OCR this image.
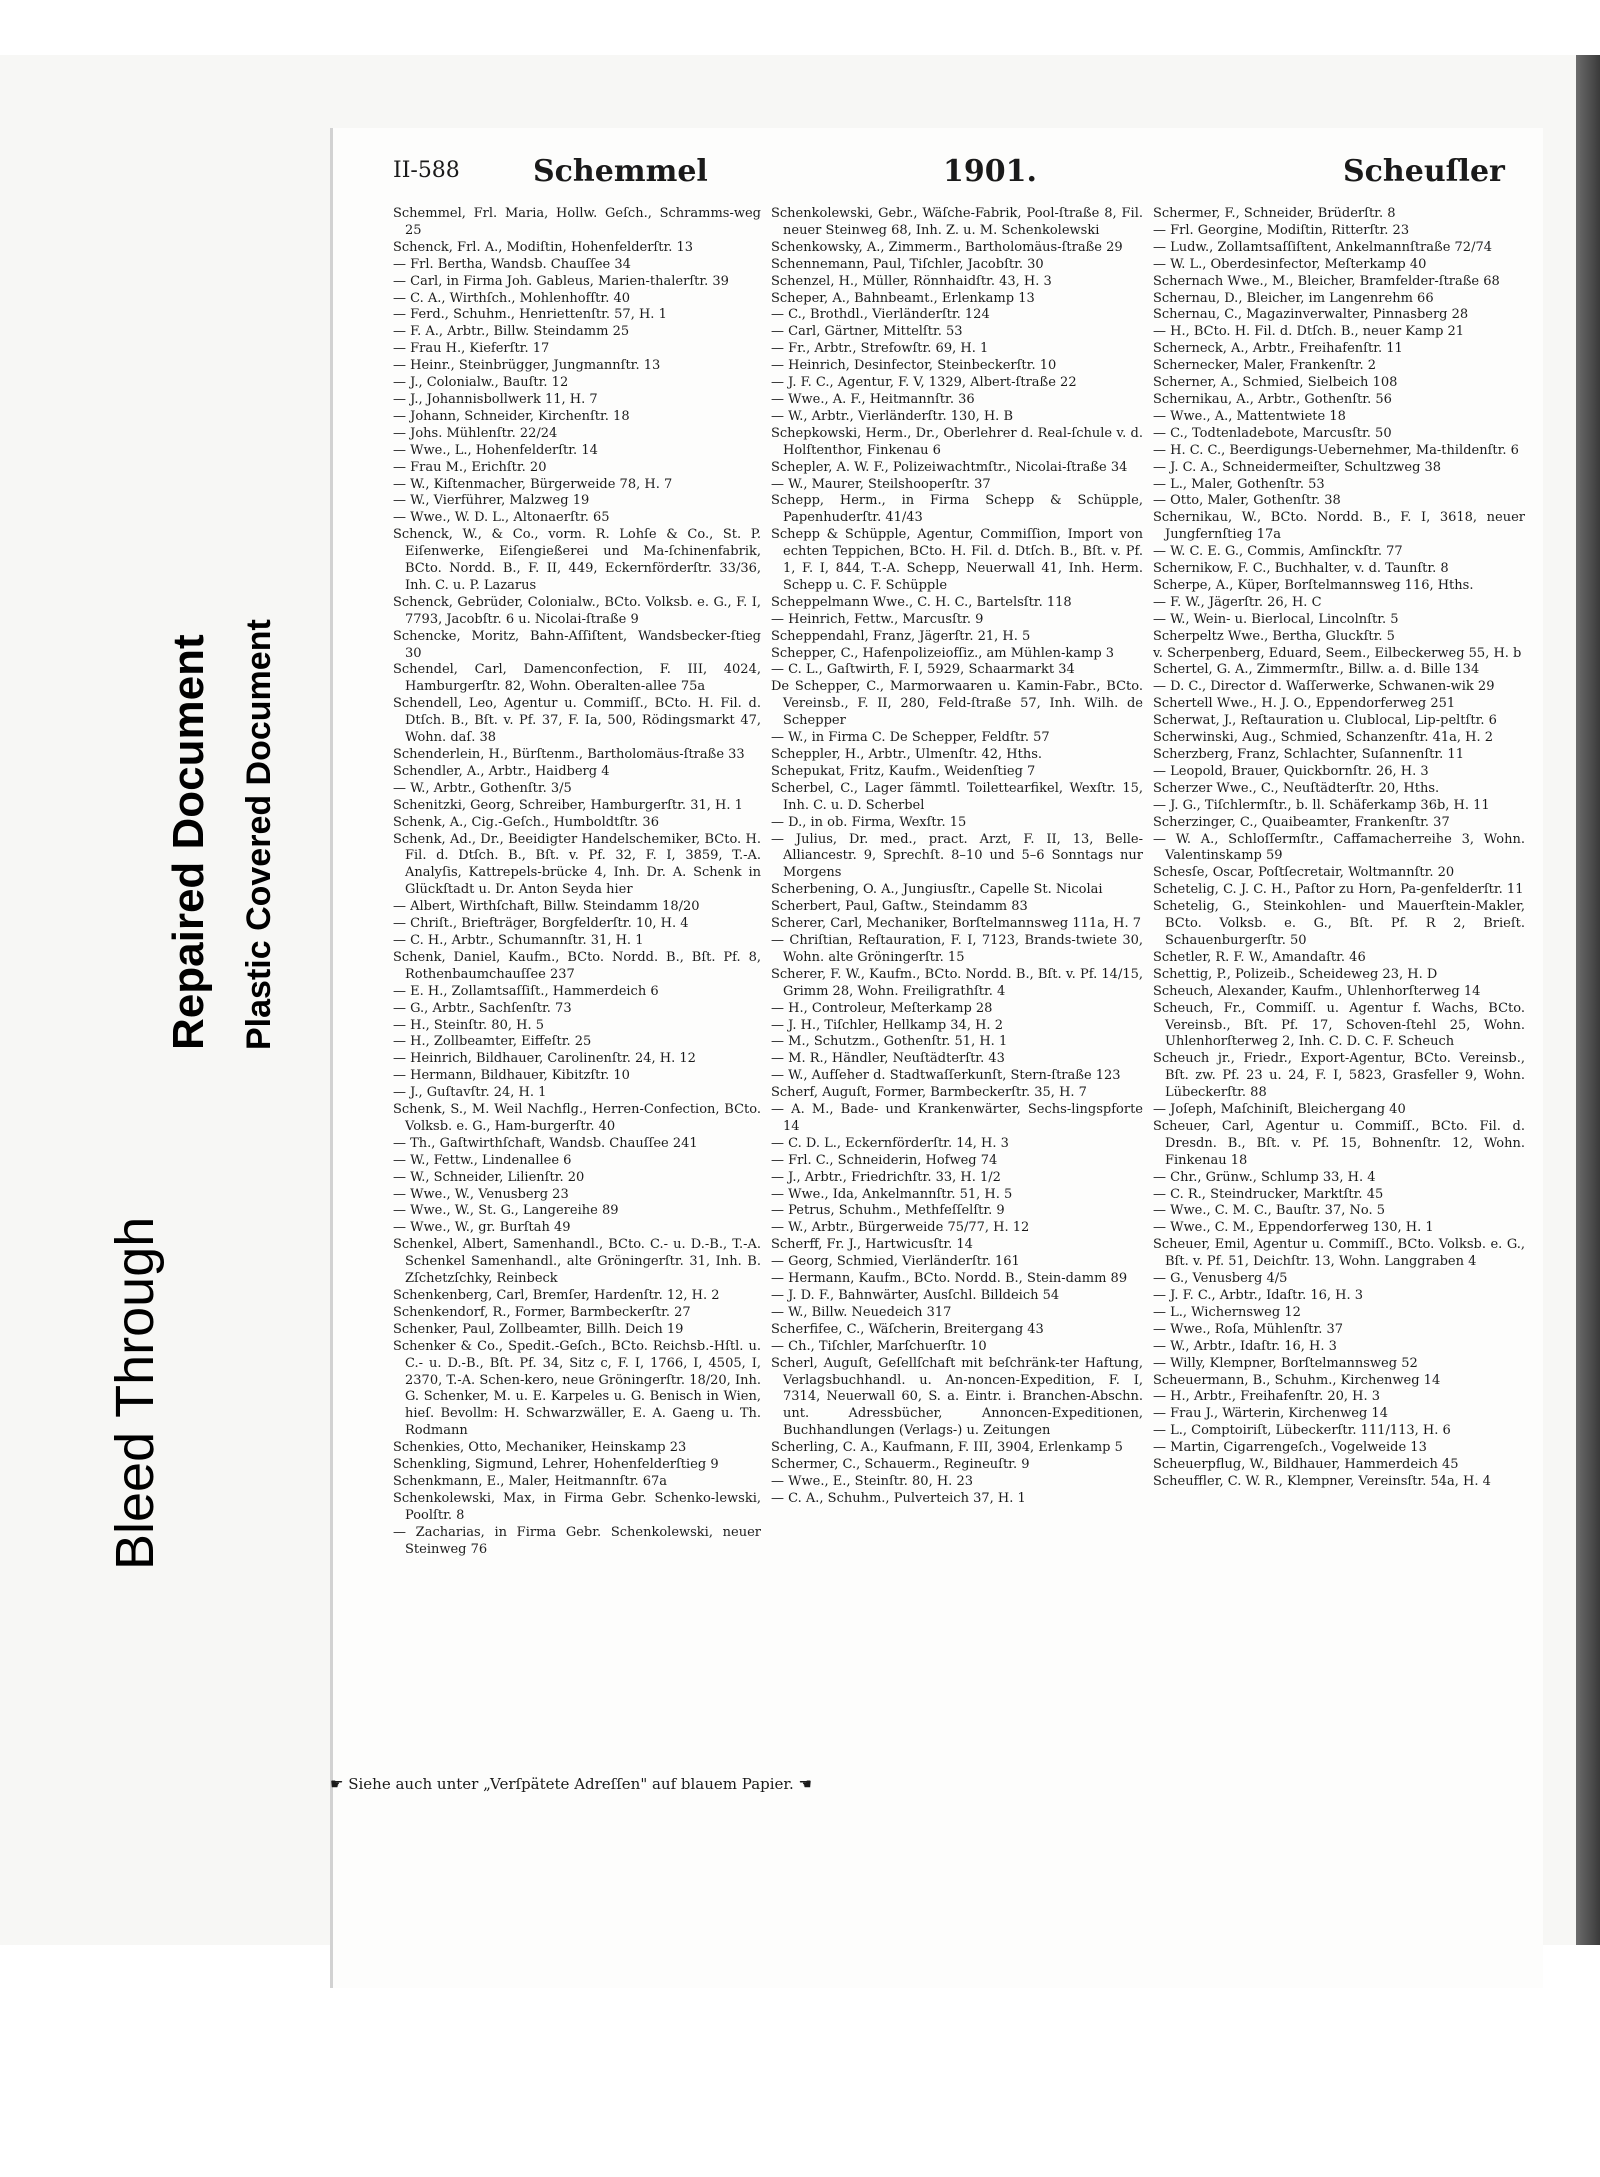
Bleed Through
Repaired Document Plastic Covered Document
II-588 Schemmel	1901.	Scheuſler

Schemmel, Frl. Maria, Hollw. Geſch., Schramms-weg 25

Schenck, Frl. A., Modiſtin, Hohenfelderſtr. 13

— Frl. Bertha, Wandsb. Chauſſee 34

— Carl, in Firma Joh. Gableus, Marien-thalerſtr. 39

— C. A., Wirthſch., Mohlenhofſtr. 40

— Ferd., Schuhm., Henriettenſtr. 57, H. 1

— F. A., Arbtr., Billw. Steindamm 25

— Frau H., Kieferſtr. 17

— Heinr., Steinbrügger, Jungmannſtr. 13

— J., Colonialw., Bauſtr. 12

— J., Johannisbollwerk 11, H. 7

— Johann, Schneider, Kirchenſtr. 18

— Johs. Mühlenſtr. 22/24

— Wwe., L., Hohenfelderſtr. 14

— Frau M., Erichſtr. 20

— W., Kiſtenmacher, Bürgerweide 78, H. 7

— W., Vierführer, Malzweg 19

— Wwe., W. D. L., Altonaerſtr. 65

Schenck, W., & Co., vorm. R. Lohſe & Co., St. P. Eiſenwerke, Eiſengießerei und Ma-ſchinenfabrik, BCto. Nordd. B., F. II, 449, Eckernförderſtr. 33/36, Inh. C. u. P. Lazarus

Schenck, Gebrüder, Colonialw., BCto. Volksb. e. G., F. I, 7793, Jacobſtr. 6 u. Nicolai-ſtraße 9

Schencke, Moritz, Bahn-Aſſiſtent, Wandsbecker-ſtieg 30

Schendel, Carl, Damenconfection, F. III, 4024, Hamburgerſtr. 82, Wohn. Oberalten-allee 75a

Schendell, Leo, Agentur u. Commiſſ., BCto. H. Fil. d. Dtſch. B., Bſt. v. Pf. 37, F. Ia, 500, Rödingsmarkt 47, Wohn. daſ. 38

Schenderlein, H., Bürſtenm., Bartholomäus-ſtraße 33

Schendler, A., Arbtr., Haidberg 4

— W., Arbtr., Gothenſtr. 3/5

Schenitzki, Georg, Schreiber, Hamburgerſtr. 31, H. 1

Schenk, A., Cig.-Geſch., Humboldtſtr. 36

Schenk, Ad., Dr., Beeidigter Handelschemiker, BCto. H. Fil. d. Dtſch. B., Bſt. v. Pf. 32, F. I, 3859, T.-A. Analyſis, Kattrepels-brücke 4, Inh. Dr. A. Schenk in Glückſtadt u. Dr. Anton Seyda hier

— Albert, Wirthſchaft, Billw. Steindamm 18/20

— Chriſt., Briefträger, Borgfelderſtr. 10, H. 4

— C. H., Arbtr., Schumannſtr. 31, H. 1

Schenk, Daniel, Kaufm., BCto. Nordd. B., Bſt. Pf. 8, Rothenbaumchauſſee 237

— E. H., Zollamtsaſſiſt., Hammerdeich 6

— G., Arbtr., Sachſenſtr. 73

— H., Steinſtr. 80, H. 5

— H., Zollbeamter, Eiffeſtr. 25

— Heinrich, Bildhauer, Carolinenſtr. 24, H. 12

— Hermann, Bildhauer, Kibitzſtr. 10

— J., Guſtavſtr. 24, H. 1

Schenk, S., M. Weil Nachflg., Herren-Confection, BCto. Volksb. e. G., Ham-burgerſtr. 40

— Th., Gaſtwirthſchaft, Wandsb. Chauſſee 241

— W., Fettw., Lindenallee 6

— W., Schneider, Lilienſtr. 20

— Wwe., W., Venusberg 23

— Wwe., W., St. G., Langereihe 89

— Wwe., W., gr. Burſtah 49

Schenkel, Albert, Samenhandl., BCto. C.- u. D.-B., T.-A. Schenkel Samenhandl., alte Gröningerſtr. 31, Inh. B. Zſchetzſchky, Reinbeck

Schenkenberg, Carl, Bremſer, Hardenſtr. 12, H. 2

Schenkendorf, R., Former, Barmbeckerſtr. 27

Schenker, Paul, Zollbeamter, Billh. Deich 19

Schenker & Co., Spedit.-Geſch., BCto. Reichsb.-Hſtl. u. C.- u. D.-B., Bſt. Pf. 34, Sitz c, F. I, 1766, I, 4505, I, 2370, T.-A. Schen-kero, neue Gröningerſtr. 18/20, Inh. G. Schenker, M. u. E. Karpeles u. G. Benisch in Wien, hieſ. Bevollm: H. Schwarzwäller, E. A. Gaeng u. Th. Rodmann

Schenkies, Otto, Mechaniker, Heinskamp 23

Schenkling, Sigmund, Lehrer, Hohenfelderſtieg 9

Schenkmann, E., Maler, Heitmannſtr. 67a

Schenkolewski, Max, in Firma Gebr. Schenko-lewski, Poolſtr. 8

— Zacharias, in Firma Gebr. Schenkolewski, neuer Steinweg 76

Schenkolewski, Gebr., Wäſche-Fabrik, Pool-ſtraße 8, Fil. neuer Steinweg 68, Inh. Z. u. M. Schenkolewski

Schenkowsky, A., Zimmerm., Bartholomäus-ſtraße 29

Schennemann, Paul, Tiſchler, Jacobſtr. 30

Schenzel, H., Müller, Rönnhaidſtr. 43, H. 3

Scheper, A., Bahnbeamt., Erlenkamp 13

— C., Brothdl., Vierländerſtr. 124

— Carl, Gärtner, Mittelſtr. 53

— Fr., Arbtr., Strefowſtr. 69, H. 1

— Heinrich, Desinfector, Steinbeckerſtr. 10

— J. F. C., Agentur, F. V, 1329, Albert-ſtraße 22

— Wwe., A. F., Heitmannſtr. 36

— W., Arbtr., Vierländerſtr. 130, H. B

Schepkowski, Herm., Dr., Oberlehrer d. Real-ſchule v. d. Holſtenthor, Finkenau 6

Schepler, A. W. F., Polizeiwachtmſtr., Nicolai-ſtraße 34

— W., Maurer, Steilshooperſtr. 37

Schepp, Herm., in Firma Schepp & Schüpple, Papenhuderſtr. 41/43

Schepp & Schüpple, Agentur, Commiſſion, Import von echten Teppichen, BCto. H. Fil. d. Dtſch. B., Bſt. v. Pf. 1, F. I, 844, T.-A. Schepp, Neuerwall 41, Inh. Herm. Schepp u. C. F. Schüpple

Scheppelmann Wwe., C. H. C., Bartelsſtr. 118

— Heinrich, Fettw., Marcusſtr. 9

Scheppendahl, Franz, Jägerſtr. 21, H. 5

Schepper, C., Hafenpolizeiofſiz., am Mühlen-kamp 3

— C. L., Gaſtwirth, F. I, 5929, Schaarmarkt 34

De Schepper, C., Marmorwaaren u. Kamin-Fabr., BCto. Vereinsb., F. II, 280, Feld-ſtraße 57, Inh. Wilh. de Schepper

— W., in Firma C. De Schepper, Feldſtr. 57

Scheppler, H., Arbtr., Ulmenſtr. 42, Hths.

Schepukat, Fritz, Kaufm., Weidenſtieg 7

Scherbel, C., Lager ſämmtl. Toilettearfikel, Wexſtr. 15, Inh. C. u. D. Scherbel

— D., in ob. Firma, Wexſtr. 15

— Julius, Dr. med., pract. Arzt, F. II, 13, Belle-Alliancestr. 9, Sprechſt. 8–10 und 5–6 Sonntags nur Morgens

Scherbening, O. A., Jungiusſtr., Capelle St. Nicolai

Scherbert, Paul, Gaſtw., Steindamm 83

Scherer, Carl, Mechaniker, Borſtelmannsweg 111a, H. 7

— Chriſtian, Reſtauration, F. I, 7123, Brands-twiete 30, Wohn. alte Gröningerſtr. 15

Scherer, F. W., Kaufm., BCto. Nordd. B., Bſt. v. Pf. 14/15, Grimm 28, Wohn. Freiligrathſtr. 4

— H., Controleur, Meſterkamp 28

— J. H., Tiſchler, Hellkamp 34, H. 2

— M., Schutzm., Gothenſtr. 51, H. 1

— M. R., Händler, Neuſtädterſtr. 43

— W., Aufſeher d. Stadtwaſſerkunſt, Stern-ſtraße 123

Scherf, Auguſt, Former, Barmbeckerſtr. 35, H. 7

— A. M., Bade- und Krankenwärter, Sechs-lingspforte 14

— C. D. L., Eckernförderſtr. 14, H. 3

— Frl. C., Schneiderin, Hofweg 74

— J., Arbtr., Friedrichſtr. 33, H. 1/2

— Wwe., Ida, Ankelmannſtr. 51, H. 5

— Petrus, Schuhm., Methfeſſelſtr. 9

— W., Arbtr., Bürgerweide 75/77, H. 12

Scherff, Fr. J., Hartwicusſtr. 14

— Georg, Schmied, Vierländerſtr. 161

— Hermann, Kaufm., BCto. Nordd. B., Stein-damm 89

— J. D. F., Bahnwärter, Ausſchl. Billdeich 54

— W., Billw. Neuedeich 317

Scherfifee, C., Wäſcherin, Breitergang 43

— Ch., Tiſchler, Marſchuerſtr. 10

Scherl, Auguſt, Geſellſchaft mit beſchränk-ter Haftung, Verlagsbuchhandl. u. An-noncen-Expedition, F. I, 7314, Neuerwall 60, S. a. Eintr. i. Branchen-Abschn. unt. Adressbücher, Annoncen-Expeditionen, Buchhandlungen (Verlags-) u. Zeitungen

Scherling, C. A., Kaufmann, F. III, 3904, Erlenkamp 5

Schermer, C., Schauerm., Regineuſtr. 9

— Wwe., E., Steinſtr. 80, H. 23

— C. A., Schuhm., Pulverteich 37, H. 1

Schermer, F., Schneider, Brüderſtr. 8

— Frl. Georgine, Modiſtin, Ritterſtr. 23

— Ludw., Zollamtsaſſiſtent, Ankelmannſtraße 72/74

— W. L., Oberdesinfector, Meſterkamp 40

Schernach Wwe., M., Bleicher, Bramfelder-ſtraße 68

Schernau, D., Bleicher, im Langenrehm 66

Schernau, C., Magazinverwalter, Pinnasberg 28

— H., BCto. H. Fil. d. Dtſch. B., neuer Kamp 21

Scherneck, A., Arbtr., Freihafenſtr. 11

Schernecker, Maler, Frankenſtr. 2

Scherner, A., Schmied, Sielbeich 108

Schernikau, A., Arbtr., Gothenſtr. 56

— Wwe., A., Mattentwiete 18

— C., Todtenladebote, Marcusſtr. 50

— H. C. C., Beerdigungs-Uebernehmer, Ma-thildenſtr. 6

— J. C. A., Schneidermeiſter, Schultzweg 38

— L., Maler, Gothenſtr. 53

— Otto, Maler, Gothenſtr. 38

Schernikau, W., BCto. Nordd. B., F. I, 3618, neuer Jungfernſtieg 17a

— W. C. E. G., Commis, Amſinckſtr. 77

Schernikow, F. C., Buchhalter, v. d. Taunſtr. 8

Scherpe, A., Küper, Borſtelmannsweg 116, Hths.

— F. W., Jägerſtr. 26, H. C

— W., Wein- u. Bierlocal, Lincolnſtr. 5

Scherpeltz Wwe., Bertha, Gluckſtr. 5

v. Scherpenberg, Eduard, Seem., Eilbeckerweg 55, H. b

Schertel, G. A., Zimmermſtr., Billw. a. d. Bille 134

— D. C., Director d. Waſſerwerke, Schwanen-wik 29

Schertell Wwe., H. J. O., Eppendorferweg 251

Scherwat, J., Reſtauration u. Clublocal, Lip-peltſtr. 6

Scherwinski, Aug., Schmied, Schanzenſtr. 41a, H. 2

Scherzberg, Franz, Schlachter, Suſannenſtr. 11

— Leopold, Brauer, Quickbornſtr. 26, H. 3

Scherzer Wwe., C., Neuſtädterſtr. 20, Hths.

— J. G., Tiſchlermſtr., b. ll. Schäferkamp 36b, H. 11

Scherzinger, C., Quaibeamter, Frankenſtr. 37

— W. A., Schloſſermſtr., Caffamacherreihe 3, Wohn. Valentinskamp 59

Schesſe, Oscar, Poſtſecretair, Woltmannſtr. 20

Schetelig, C. J. C. H., Paſtor zu Horn, Pa-genfelderſtr. 11

Schetelig, G., Steinkohlen- und Mauerſtein-Makler, BCto. Volksb. e. G., Bſt. Pf. R 2, Brieſt. Schauenburgerſtr. 50

Schetler, R. F. W., Amandaſtr. 46

Schettig, P., Polizeib., Scheideweg 23, H. D

Scheuch, Alexander, Kaufm., Uhlenhorſterweg 14

Scheuch, Fr., Commiſſ. u. Agentur f. Wachs, BCto. Vereinsb., Bſt. Pf. 17, Schoven-ſtehl 25, Wohn. Uhlenhorſterweg 2, Inh. C. D. C. F. Scheuch

Scheuch jr., Friedr., Export-Agentur, BCto. Vereinsb., Bſt. zw. Pf. 23 u. 24, F. I, 5823, Grasfeller 9, Wohn. Lübeckerſtr. 88

— Joſeph, Maſchiniſt, Bleichergang 40

Scheuer, Carl, Agentur u. Commiſſ., BCto. Fil. d. Dresdn. B., Bſt. v. Pf. 15, Bohnenſtr. 12, Wohn. Finkenau 18

— Chr., Grünw., Schlump 33, H. 4

— C. R., Steindrucker, Marktſtr. 45

— Wwe., C. M. C., Bauſtr. 37, No. 5

— Wwe., C. M., Eppendorferweg 130, H. 1

Scheuer, Emil, Agentur u. Commiſſ., BCto. Volksb. e. G., Bſt. v. Pf. 51, Deichſtr. 13, Wohn. Langgraben 4

— G., Venusberg 4/5

— J. F. C., Arbtr., Idaſtr. 16, H. 3

— L., Wichernsweg 12

— Wwe., Roſa, Mühlenſtr. 37

— W., Arbtr., Idaſtr. 16, H. 3

— Willy, Klempner, Borſtelmannsweg 52

Scheuermann, B., Schuhm., Kirchenweg 14

— H., Arbtr., Freihafenſtr. 20, H. 3

— Frau J., Wärterin, Kirchenweg 14

— L., Comptoiriſt, Lübeckerſtr. 111/113, H. 6

— Martin, Cigarrengeſch., Vogelweide 13

Scheuerpflug, W., Bildhauer, Hammerdeich 45

Scheuffler, C. W. R., Klempner, Vereinsſtr. 54a, H. 4

☛ Siehe auch unter „Verſpätete Adreſſen" auf blauem Papier. ☚
